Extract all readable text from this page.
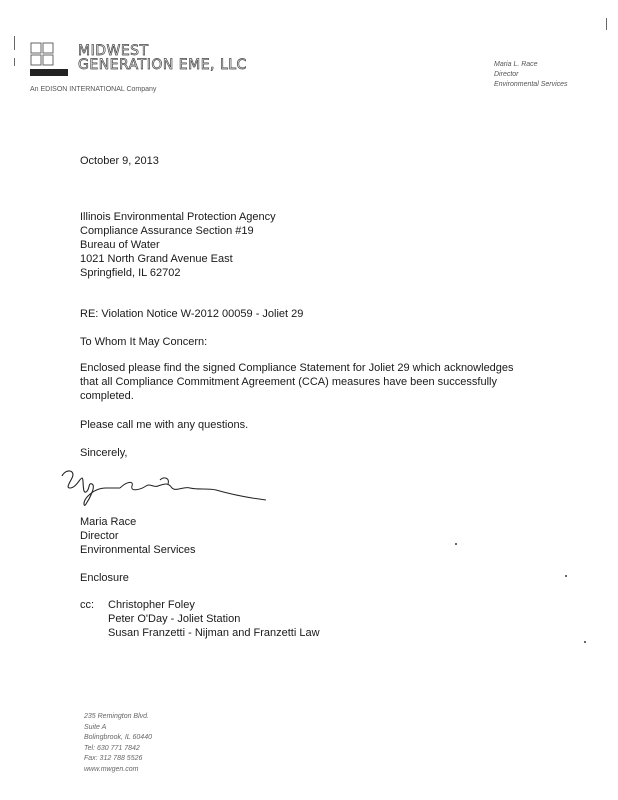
MIDWEST
GENERATION EME, LLC
An EDISON INTERNATIONAL Company
Maria L. Race
Director
Environmental Services
October 9, 2013
Illinois Environmental Protection Agency
Compliance Assurance Section #19
Bureau of Water
1021 North Grand Avenue East
Springfield, IL 62702
RE: Violation Notice W-2012 00059 - Joliet 29
To Whom It May Concern:
Enclosed please find the signed Compliance Statement for Joliet 29 which acknowledges
that all Compliance Commitment Agreement (CCA) measures have been successfully
completed.
Please call me with any questions.
Sincerely,
Maria Race
Director
Environmental Services
Enclosure
cc: Christopher Foley
Peter O'Day - Joliet Station
Susan Franzetti - Nijman and Franzetti Law
235 Remington Blvd.
Suite A
Bolingbrook, IL 60440
Tel: 630 771 7842
Fax: 312 788 5526
www.mwgen.com
